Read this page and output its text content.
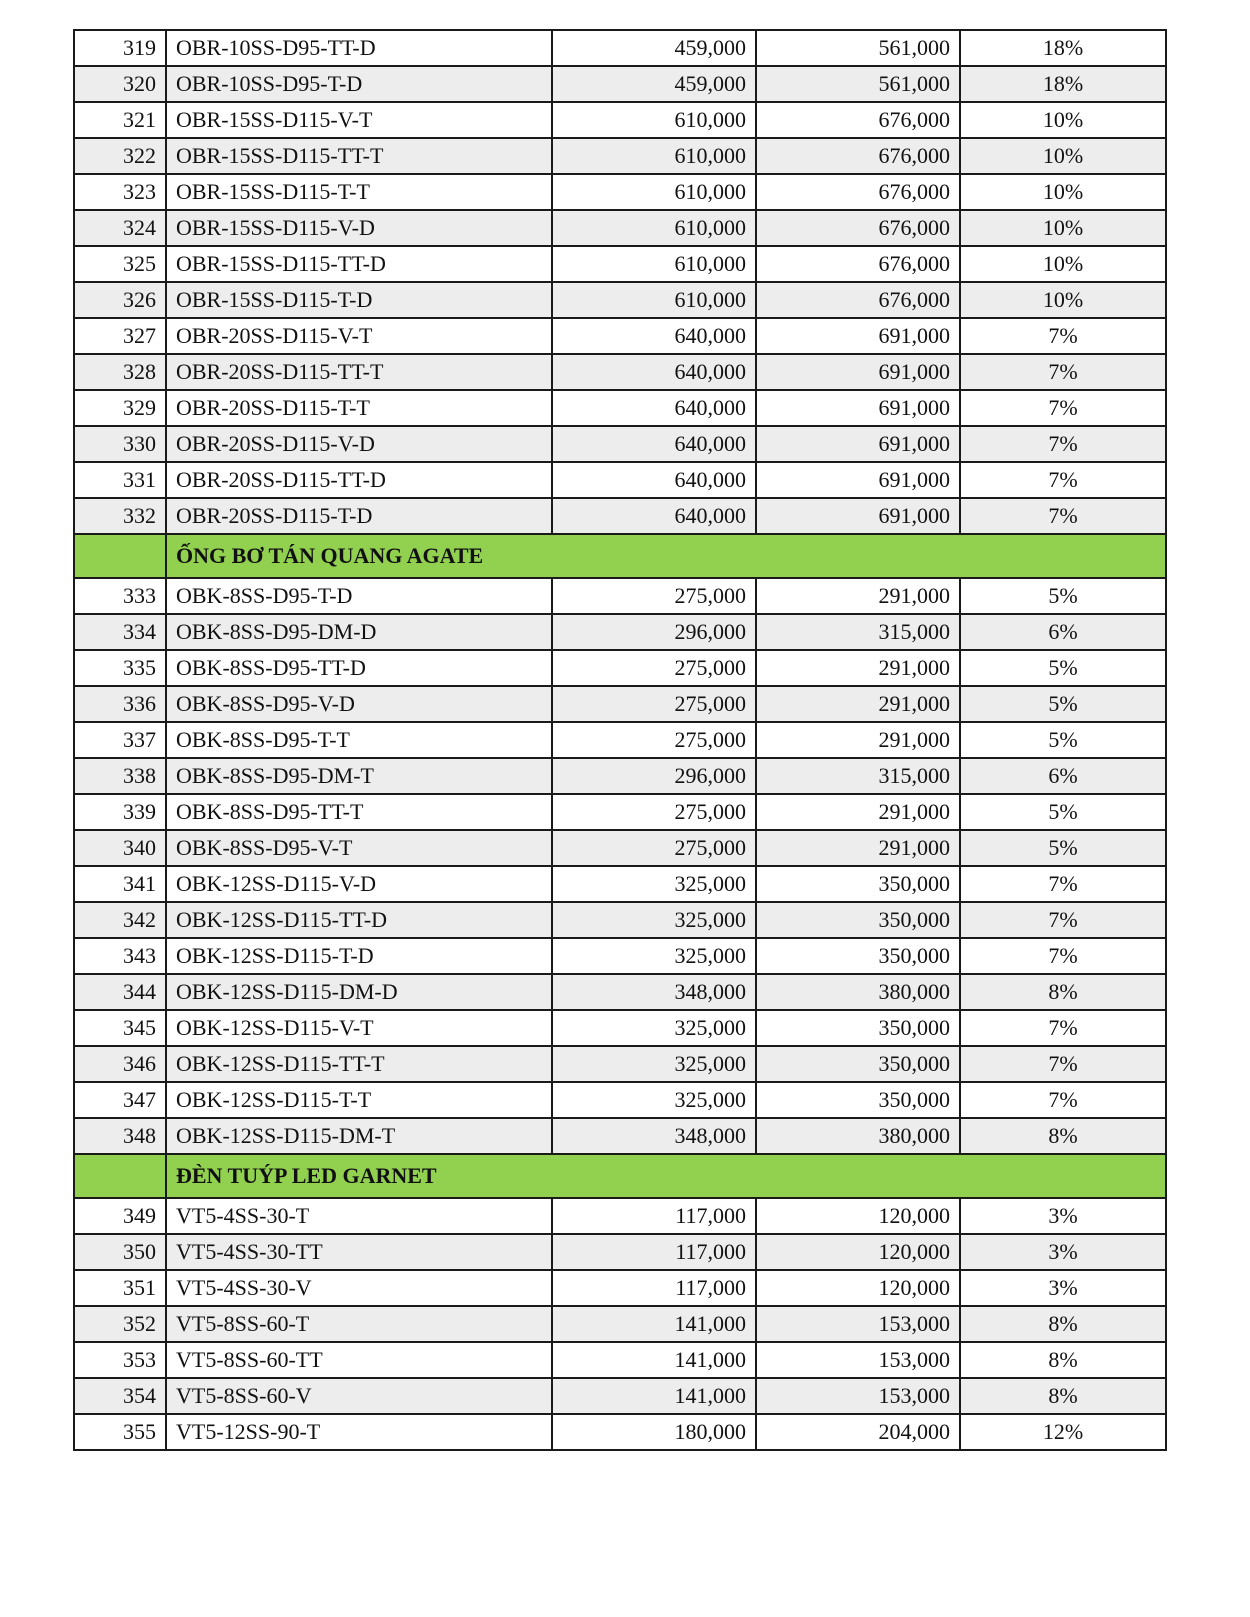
319	OBR-10SS-D95-TT-D	459,000	561,000	18%
320	OBR-10SS-D95-T-D	459,000	561,000	18%
321	OBR-15SS-D115-V-T	610,000	676,000	10%
322	OBR-15SS-D115-TT-T	610,000	676,000	10%
323	OBR-15SS-D115-T-T	610,000	676,000	10%
324	OBR-15SS-D115-V-D	610,000	676,000	10%
325	OBR-15SS-D115-TT-D	610,000	676,000	10%
326	OBR-15SS-D115-T-D	610,000	676,000	10%
327	OBR-20SS-D115-V-T	640,000	691,000	7%
328	OBR-20SS-D115-TT-T	640,000	691,000	7%
329	OBR-20SS-D115-T-T	640,000	691,000	7%
330	OBR-20SS-D115-V-D	640,000	691,000	7%
331	OBR-20SS-D115-TT-D	640,000	691,000	7%
332	OBR-20SS-D115-T-D	640,000	691,000	7%
	ỐNG BƠ TÁN QUANG AGATE			
333	OBK-8SS-D95-T-D	275,000	291,000	5%
334	OBK-8SS-D95-DM-D	296,000	315,000	6%
335	OBK-8SS-D95-TT-D	275,000	291,000	5%
336	OBK-8SS-D95-V-D	275,000	291,000	5%
337	OBK-8SS-D95-T-T	275,000	291,000	5%
338	OBK-8SS-D95-DM-T	296,000	315,000	6%
339	OBK-8SS-D95-TT-T	275,000	291,000	5%
340	OBK-8SS-D95-V-T	275,000	291,000	5%
341	OBK-12SS-D115-V-D	325,000	350,000	7%
342	OBK-12SS-D115-TT-D	325,000	350,000	7%
343	OBK-12SS-D115-T-D	325,000	350,000	7%
344	OBK-12SS-D115-DM-D	348,000	380,000	8%
345	OBK-12SS-D115-V-T	325,000	350,000	7%
346	OBK-12SS-D115-TT-T	325,000	350,000	7%
347	OBK-12SS-D115-T-T	325,000	350,000	7%
348	OBK-12SS-D115-DM-T	348,000	380,000	8%
	ĐÈN TUÝP LED GARNET			
349	VT5-4SS-30-T	117,000	120,000	3%
350	VT5-4SS-30-TT	117,000	120,000	3%
351	VT5-4SS-30-V	117,000	120,000	3%
352	VT5-8SS-60-T	141,000	153,000	8%
353	VT5-8SS-60-TT	141,000	153,000	8%
354	VT5-8SS-60-V	141,000	153,000	8%
355	VT5-12SS-90-T	180,000	204,000	12%
